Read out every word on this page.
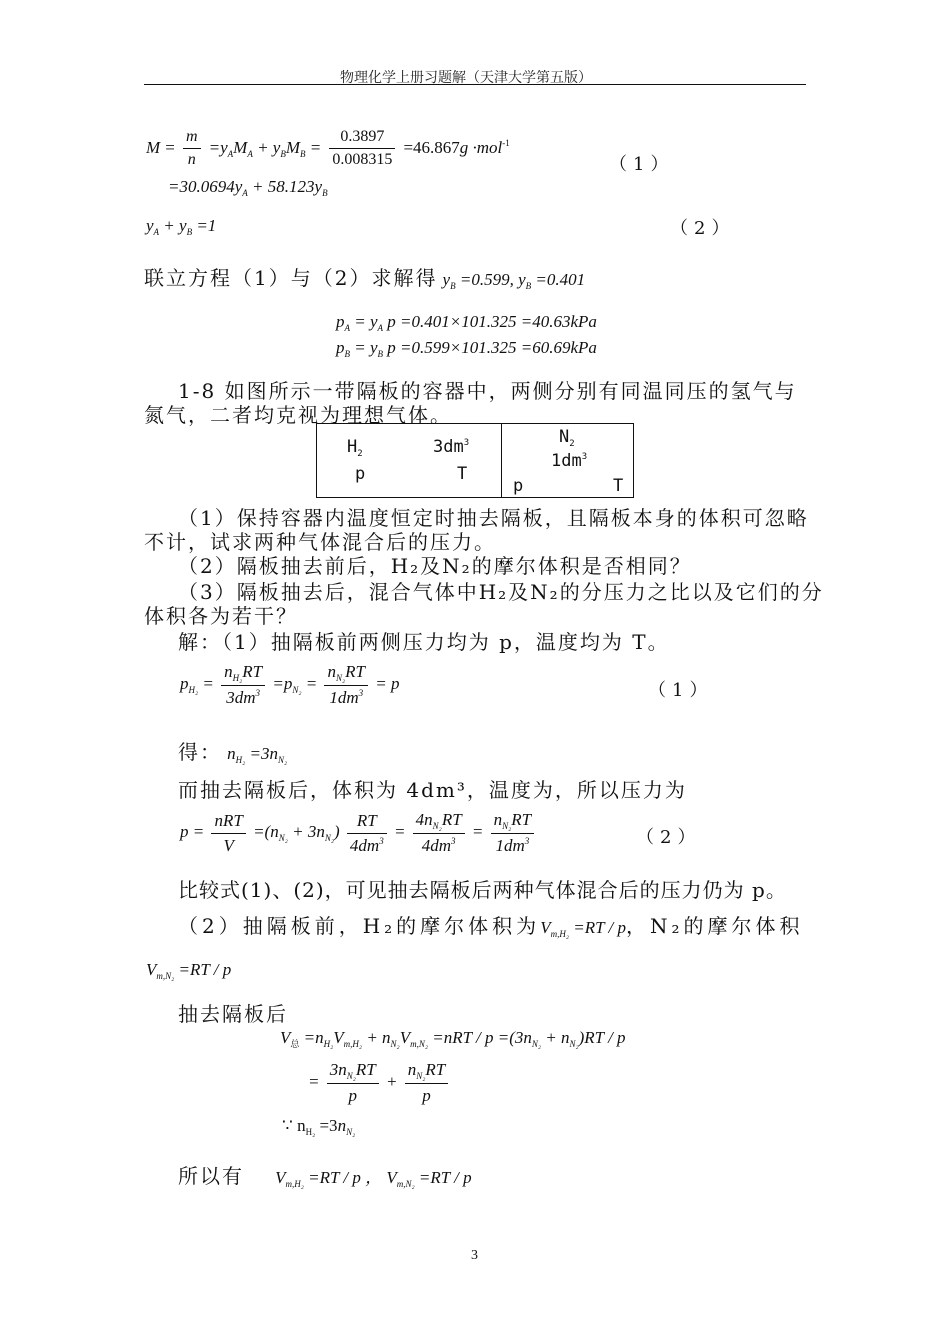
物理化学上册习题解（天津大学第五版）
$M = \frac{m}{n} =y_AM_A + y_BM_B = \frac{0.3897}{0.008315} =46.867g \cdot mol^{-1}$
（1）
$=30.0694y_A + 58.123y_B$
$y_A + y_B =1$	（2）
联立方程（1）与（2）求解得 $y_B =0.599$, $y_B =0.401$
$p_A = y_A$ p =0.401×101.325 =40.63kPa
$p_B = y_B$ p =0.599×101.325 =60.69kPa
1-8 如图所示一带隔板的容器中，两侧分别有同温同压的氢气与
氮气，二者均克视为理想气体。
$H_2$	$3dm^3$
p	T
$N_2$
$1dm^3$
p	T
（1）保持容器内温度恒定时抽去隔板，且隔板本身的体积可忽略
不计，试求两种气体混合后的压力。
（2）隔板抽去前后，H₂及N₂的摩尔体积是否相同？
（3）隔板抽去后，混合气体中H₂及N₂的分压力之比以及它们的分
体积各为若干？
解：（1）抽隔板前两侧压力均为 p，温度均为 T。
$p_{H_2} = \frac{n_{H_2}RT}{3dm^3} =p_{N_2} = \frac{n_{N_2}RT}{1dm^3} = p$	（1）
得： $n_{H_2} =3n_{N_2}$
而抽去隔板后，体积为 4dm³，温度为，所以压力为
$p = \frac{\text{nRT}}{V} =(n_{N_2} + 3n_{N_2}) \frac{RT}{4dm^3} = \frac{4n_{N_2}RT}{4dm^3} = \frac{n_{N_2}RT}{1dm^3}$	（2）
比较式(1)、(2)，可见抽去隔板后两种气体混合后的压力仍为 p。
（2）抽隔板前，H₂的摩尔体积为$V_{m,H_2} =RT / p$，N₂的摩尔体积
$V_{m,N_2} =RT / p$
抽去隔板后
$V_总 =n_{H_2}V_{m,H_2} + n_{N_2}V_{m,N_2} =nRT / p =(3n_{N_2} + n_{N_2})RT / p$
= $\frac{3n_{N_2}RT}{p} + \frac{n_{N_2}RT}{p}$
∵ $n_{H_2} =3n_{N_2}$
所以有 $V_{m,H_2} =RT / p$ ， $V_{m,N_2} =RT / p$
3
